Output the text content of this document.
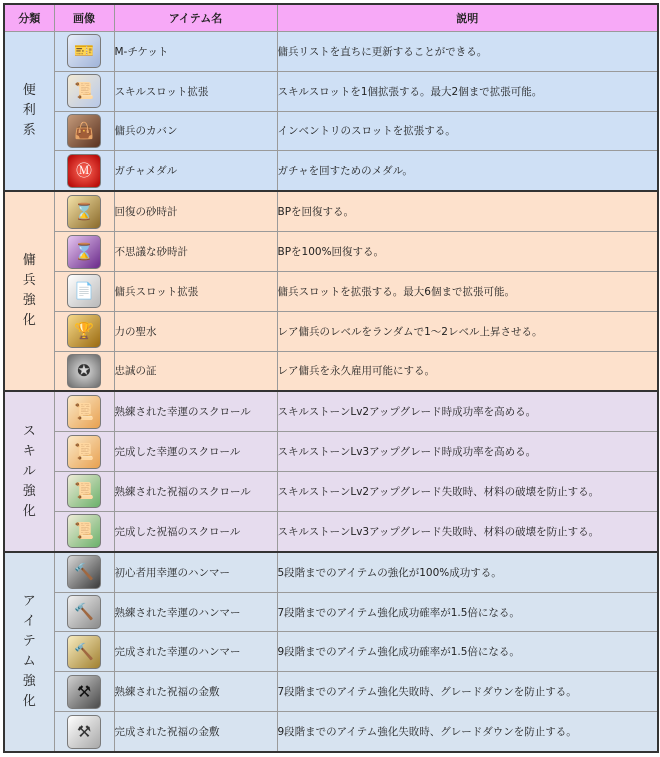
分類	画像	アイテム名	説明
便利系	🎫	M-チケット	傭兵リストを直ちに更新することができる。

📜	スキルスロット拡張	スキルスロットを1個拡張する。最大2個まで拡張可能。

👜	傭兵のカバン	インベントリのスロットを拡張する。

Ⓜ	ガチャメダル	ガチャを回すためのメダル。
傭兵強化	⌛	回復の砂時計	BPを回復する。

⌛	不思議な砂時計	BPを100%回復する。

📄	傭兵スロット拡張	傭兵スロットを拡張する。最大6個まで拡張可能。

🏆	力の聖水	レア傭兵のレベルをランダムで1～2レベル上昇させる。

✪	忠誠の証	レア傭兵を永久雇用可能にする。
スキル強化	📜	熟練された幸運のスクロール	スキルストーンLv2アップグレード時成功率を高める。

📜	完成した幸運のスクロール	スキルストーンLv3アップグレード時成功率を高める。

📜	熟練された祝福のスクロール	スキルストーンLv2アップグレード失敗時、材料の破壊を防止する。

📜	完成した祝福のスクロール	スキルストーンLv3アップグレード失敗時、材料の破壊を防止する。
アイテム強化	🔨	初心者用幸運のハンマー	5段階までのアイテムの強化が100%成功する。

🔨	熟練された幸運のハンマー	7段階までのアイテム強化成功確率が1.5倍になる。

🔨	完成された幸運のハンマー	9段階までのアイテム強化成功確率が1.5倍になる。

⚒	熟練された祝福の金敷	7段階までのアイテム強化失敗時、グレードダウンを防止する。

⚒	完成された祝福の金敷	9段階までのアイテム強化失敗時、グレードダウンを防止する。
